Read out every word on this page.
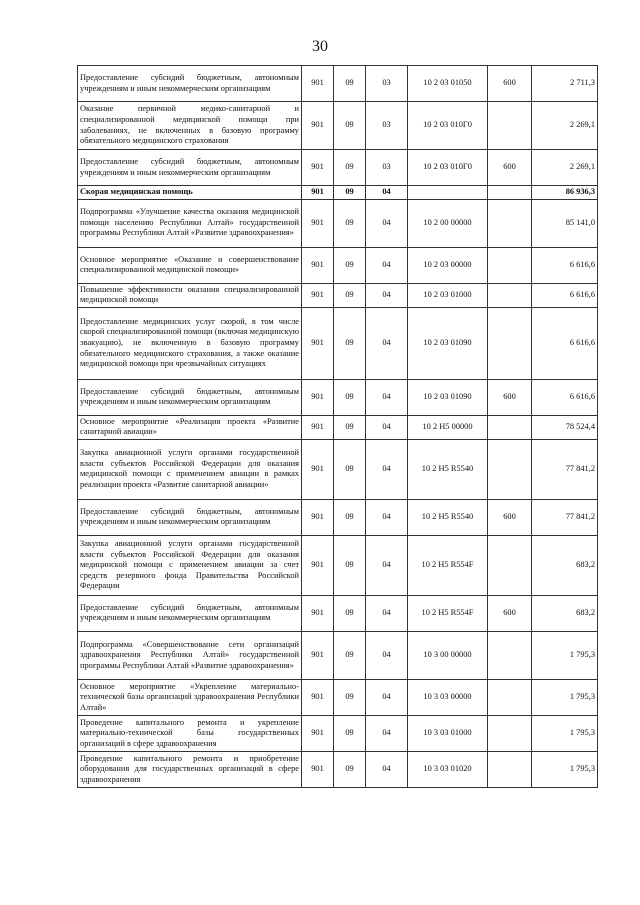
30
Предоставление субсидий бюджетным, автономным учреждениям и иным некоммерческим организациям	901	09	03	10 2 03 01050	600	2 711,3
Оказание первичной медико-санитарной и специализированной медицинской помощи при заболеваниях, не включенных в базовую программу обязательного медицинского страхования	901	09	03	10 2 03 010Г0		2 269,1
Предоставление субсидий бюджетным, автономным учреждениям и иным некоммерческим организациям	901	09	03	10 2 03 010Г0	600	2 269,1
Скорая медицинская помощь	901	09	04			86 936,3
Подпрограмма «Улучшение качества оказания медицинской помощи населению Республики Алтай» государственной программы Республики Алтай «Развитие здравоохранения»	901	09	04	10 2 00 00000		85 141,0
Основное мероприятие «Оказание и совершенствование специализированной медицинской помощи»	901	09	04	10 2 03 00000		6 616,6
Повышение эффективности оказания специализированной медицинской помощи	901	09	04	10 2 03 01000		6 616,6
Предоставление медицинских услуг скорой, в том числе скорой специализированной помощи (включая медицинскую эвакуацию), не включенную в базовую программу обязательного медицинского страхования, а также оказание медицинской помощи при чрезвычайных ситуациях	901	09	04	10 2 03 01090		6 616,6
Предоставление субсидий бюджетным, автономным учреждениям и иным некоммерческим организациям	901	09	04	10 2 03 01090	600	6 616,6
Основное мероприятие «Реализация проекта «Развитие санитарной авиации»	901	09	04	10 2 Н5 00000		78 524,4
Закупка авиационной услуги органами государственной власти субъектов Российской Федерации для оказания медицинской помощи с применением авиации в рамках реализации проекта «Развитие санитарной авиации»	901	09	04	10 2 Н5 R5540		77 841,2
Предоставление субсидий бюджетным, автономным учреждениям и иным некоммерческим организациям	901	09	04	10 2 Н5 R5540	600	77 841,2
Закупка авиационной услуги органами государственной власти субъектов Российской Федерации для оказания медицинской помощи с применением авиации за счет средств резервного фонда Правительства Российской Федерации	901	09	04	10 2 Н5 R554F		683,2
Предоставление субсидий бюджетным, автономным учреждениям и иным некоммерческим организациям	901	09	04	10 2 Н5 R554F	600	683,2
Подпрограмма «Совершенствование сети организаций здравоохранения Республики Алтай» государственной программы Республики Алтай «Развитие здравоохранения»	901	09	04	10 3 00 00000		1 795,3
Основное мероприятие «Укрепление материально-технической базы организаций здравоохранения Республики Алтай»	901	09	04	10 3 03 00000		1 795,3
Проведение капитального ремонта и укрепление материально-технической базы государственных организаций в сфере здравоохранения	901	09	04	10 3 03 01000		1 795,3
Проведение капитального ремонта и приобретение оборудования для государственных организаций в сфере здравоохранения	901	09	04	10 3 03 01020		1 795,3
